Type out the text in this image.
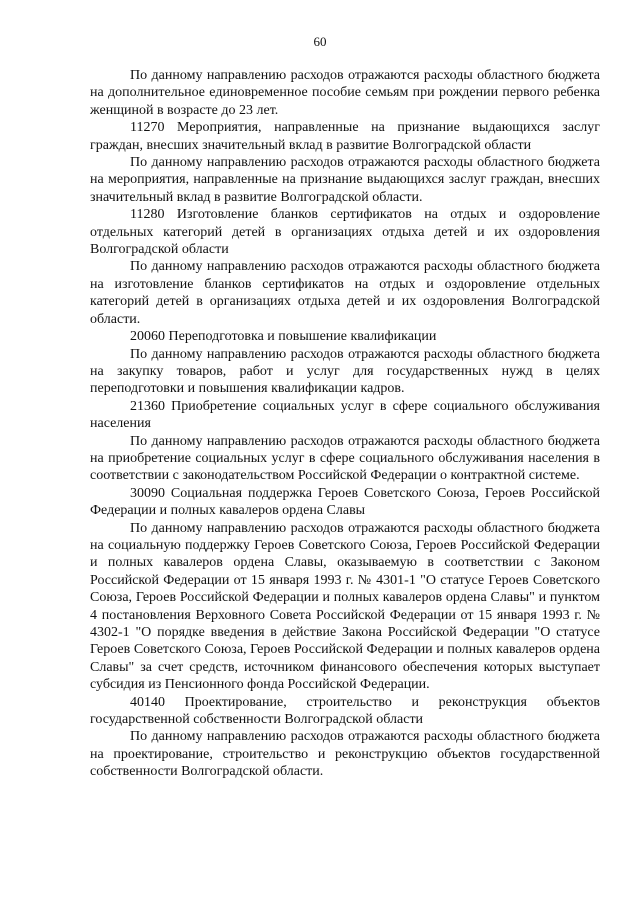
60

По данному направлению расходов отражаются расходы областного бюджета на дополнительное единовременное пособие семьям при рождении первого ребенка женщиной в возрасте до 23 лет.

11270 Мероприятия, направленные на признание выдающихся заслуг граждан, внесших значительный вклад в развитие Волгоградской области

По данному направлению расходов отражаются расходы областного бюджета на мероприятия, направленные на признание выдающихся заслуг граждан, внесших значительный вклад в развитие Волгоградской области.

11280 Изготовление бланков сертификатов на отдых и оздоровление отдельных категорий детей в организациях отдыха детей и их оздоровления Волгоградской области

По данному направлению расходов отражаются расходы областного бюджета на изготовление бланков сертификатов на отдых и оздоровление отдельных категорий детей в организациях отдыха детей и их оздоровления Волгоградской области.

20060 Переподготовка и повышение квалификации

По данному направлению расходов отражаются расходы областного бюджета на закупку товаров, работ и услуг для государственных нужд в целях переподготовки и повышения квалификации кадров.

21360 Приобретение социальных услуг в сфере социального обслуживания населения

По данному направлению расходов отражаются расходы областного бюджета на приобретение социальных услуг в сфере социального обслуживания населения в соответствии с законодательством Российской Федерации о контрактной системе.

30090 Социальная поддержка Героев Советского Союза, Героев Российской Федерации и полных кавалеров ордена Славы

По данному направлению расходов отражаются расходы областного бюджета на социальную поддержку Героев Советского Союза, Героев Российской Федерации и полных кавалеров ордена Славы, оказываемую в соответствии с Законом Российской Федерации от 15 января 1993 г. № 4301-1 "О статусе Героев Советского Союза, Героев Российской Федерации и полных кавалеров ордена Славы" и пунктом 4 постановления Верховного Совета Российской Федерации от 15 января 1993 г. № 4302-1 "О порядке введения в действие Закона Российской Федерации "О статусе Героев Советского Союза, Героев Российской Федерации и полных кавалеров ордена Славы" за счет средств, источником финансового обеспечения которых выступает субсидия из Пенсионного фонда Российской Федерации.

40140 Проектирование, строительство и реконструкция объектов государственной собственности Волгоградской области

По данному направлению расходов отражаются расходы областного бюджета на проектирование, строительство и реконструкцию объектов государственной собственности Волгоградской области.
